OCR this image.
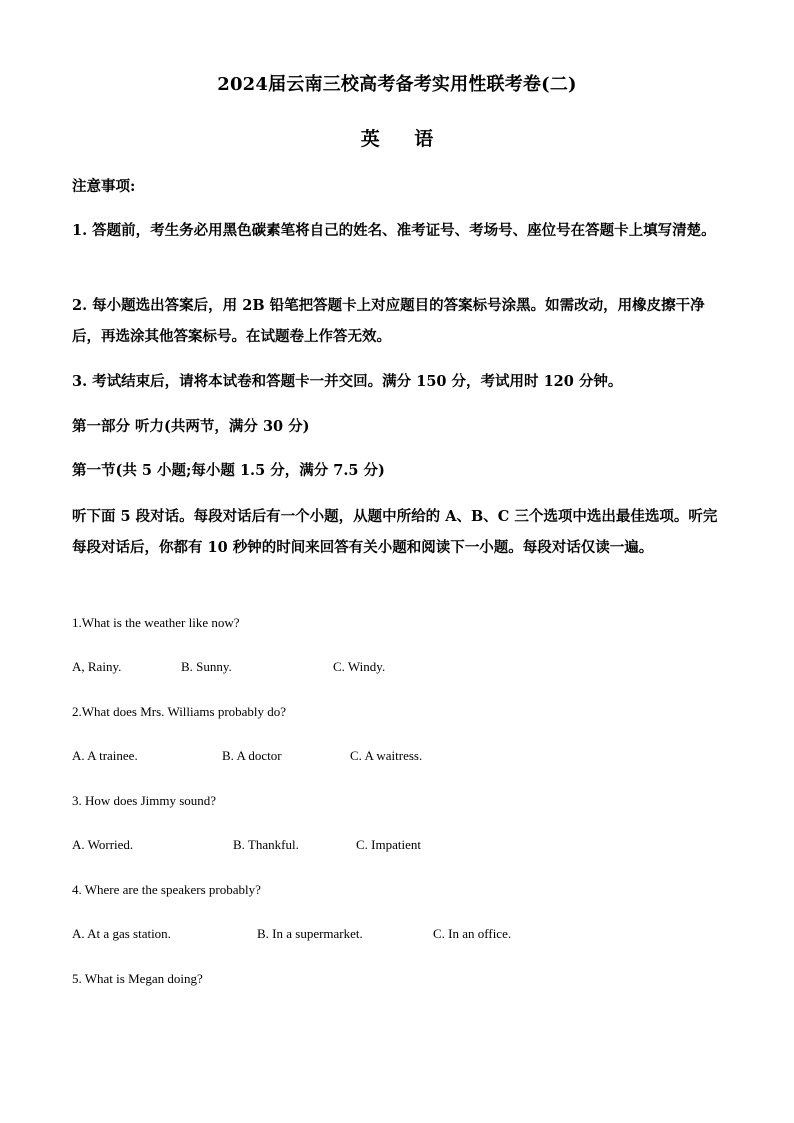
2024届云南三校高考备考实用性联考卷(二)
英 语
注意事项:
1. 答题前，考生务必用黑色碳素笔将自己的姓名、准考证号、考场号、座位号在答题卡上填写清楚。
2. 每小题选出答案后，用 2B 铅笔把答题卡上对应题目的答案标号涂黑。如需改动，用橡皮擦干净后，再选涂其他答案标号。在试题卷上作答无效。
3. 考试结束后，请将本试卷和答题卡一并交回。满分 150 分，考试用时 120 分钟。
第一部分 听力(共两节，满分 30 分)
第一节(共 5 小题;每小题 1.5 分，满分 7.5 分)
听下面 5 段对话。每段对话后有一个小题，从题中所给的 A、B、C 三个选项中选出最佳选项。听完每段对话后，你都有 10 秒钟的时间来回答有关小题和阅读下一小题。每段对话仅读一遍。
1.What is the weather like now?
A, Rainy.	B. Sunny.	C. Windy.
2.What does Mrs. Williams probably do?
A. A trainee.	B. A doctor	C. A waitress.
3. How does Jimmy sound?
A. Worried.	B. Thankful.	C. Impatient
4. Where are the speakers probably?
A. At a gas station.	B. In a supermarket.	C. In an office.
5. What is Megan doing?
